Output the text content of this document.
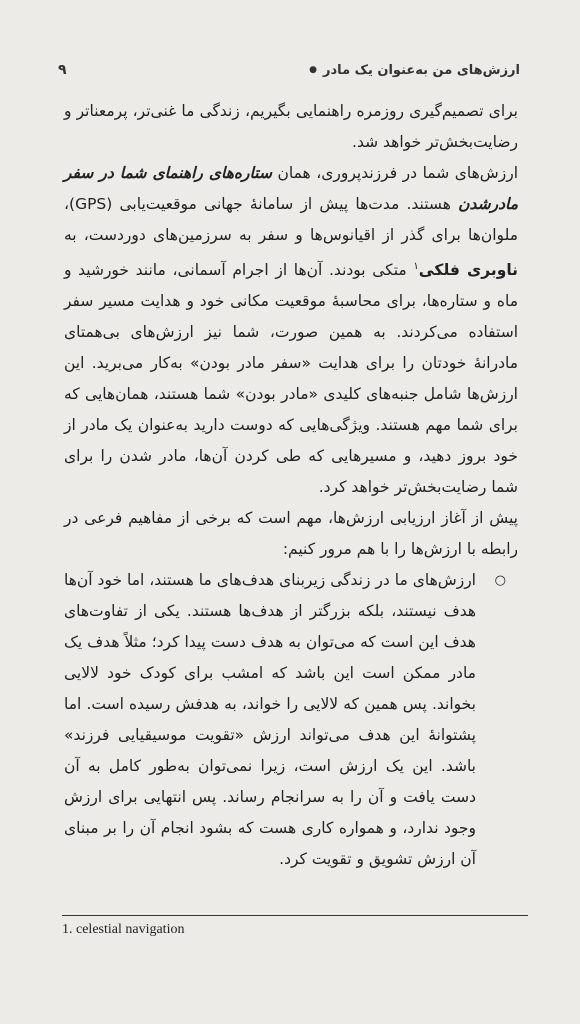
ارزش‌های من به‌عنوان یک مادر
●
۹

برای تصمیم‌گیری روزمره راهنمایی بگیریم، زندگی ما غنی‌تر، پرمعناتر و رضایت‌بخش‌تر خواهد شد.

ارزش‌های شما در فرزندپروری، همان ستاره‌های راهنمای شما در سفر مادرشدن هستند. مدت‌ها پیش از سامانهٔ جهانی موقعیت‌یابی (GPS)، ملوان‌ها برای گذر از اقیانوس‌ها و سفر به سرزمین‌های دوردست، به ناوبری فلکی$^۱$ متکی بودند. آن‌ها از اجرام آسمانی، مانند خورشید و ماه و ستاره‌ها، برای محاسبهٔ موقعیت مکانی خود و هدایت مسیر سفر استفاده می‌کردند. به همین صورت، شما نیز ارزش‌های بی‌همتای مادرانهٔ خودتان را برای هدایت «سفر مادر بودن» به‌کار می‌برید. این ارزش‌ها شامل جنبه‌های کلیدی «مادر بودن» شما هستند، همان‌هایی که برای شما مهم هستند. ویژگی‌هایی که دوست دارید به‌عنوان یک مادر از خود بروز دهید، و مسیرهایی که طی کردن آن‌ها، مادر شدن را برای شما رضایت‌بخش‌تر خواهد کرد.

پیش از آغاز ارزیابی ارزش‌ها، مهم است که برخی از مفاهیم فرعی در رابطه با ارزش‌ها را با هم مرور کنیم:

○
ارزش‌های ما در زندگی زیربنای هدف‌های ما هستند، اما خود آن‌ها هدف نیستند، بلکه بزرگتر از هدف‌ها هستند. یکی از تفاوت‌های هدف این است که می‌توان به هدف دست پیدا کرد؛ مثلاً هدف یک مادر ممکن است این باشد که امشب برای کودک خود لالایی بخواند. پس همین که لالایی را خواند، به هدفش رسیده است. اما پشتوانهٔ این هدف می‌تواند ارزش «تقویت موسیقیایی فرزند» باشد. این یک ارزش است، زیرا نمی‌توان به‌طور کامل به آن دست یافت و آن را به سرانجام رساند. پس انتهایی برای ارزش وجود ندارد، و همواره کاری هست که بشود انجام آن را بر مبنای آن ارزش تشویق و تقویت کرد.
1. celestial navigation
